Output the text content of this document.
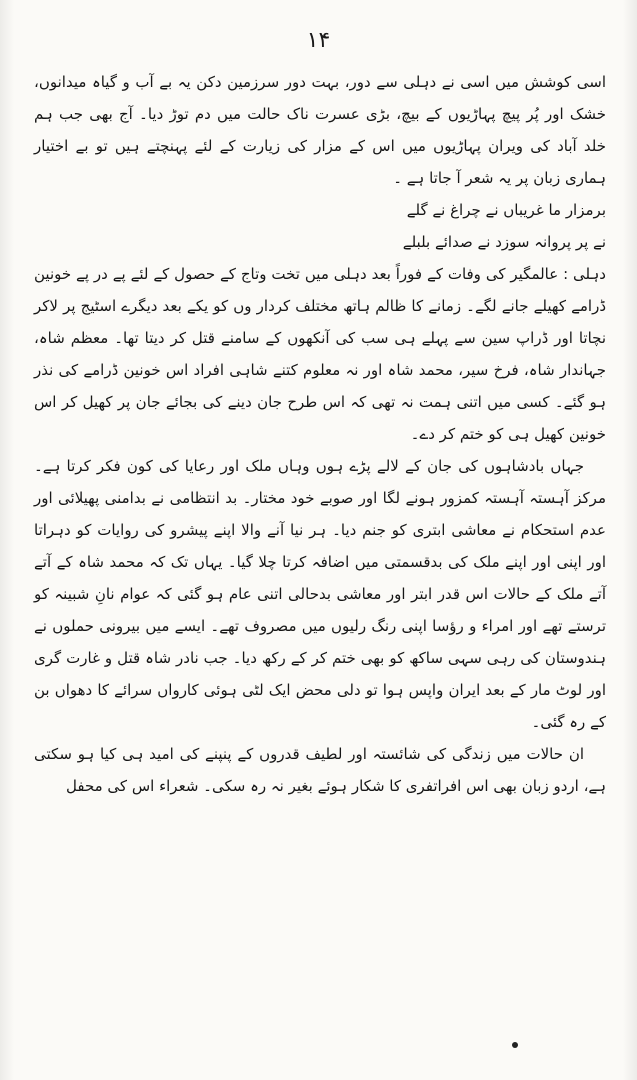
۱۴

اسی کوشش میں اسی نے دہلی سے دور، بہت دور سرزمین دکن یہ بے آب و گیاہ میدانوں، خشک اور پُر پیچ پہاڑیوں کے بیچ، بڑی عسرت ناک حالت میں دم توڑ دیا۔ آج بھی جب ہم خلد آباد کی ویران پہاڑیوں میں اس کے مزار کی زیارت کے لئے پہنچتے ہیں تو بے اختیار ہماری زبان پر یہ شعر آ جاتا ہے ۔

برمزار ما غریباں نے چراغ نے گلے
نے پر پروانہ سوزد نے صدائے بلبلے

دہلی : عالمگیر کی وفات کے فوراً بعد دہلی میں تخت وتاج کے حصول کے لئے پے در پے خونین ڈرامے کھیلے جانے لگے۔ زمانے کا ظالم ہاتھ مختلف کردار وں کو یکے بعد دیگرے اسٹیج پر لاکر نچاتا اور ڈراپ سین سے پہلے ہی سب کی آنکھوں کے سامنے قتل کر دیتا تھا۔ معظم شاہ، جہاندار شاہ، فرخ سیر، محمد شاہ اور نہ معلوم کتنے شاہی افراد اس خونین ڈرامے کی نذر ہو گئے۔ کسی میں اتنی ہمت نہ تھی کہ اس طرح جان دینے کی بجائے جان پر کھیل کر اس خونین کھیل ہی کو ختم کر دے۔

جہاں بادشاہوں کی جان کے لالے پڑے ہوں وہاں ملک اور رعایا کی کون فکر کرتا ہے۔ مرکز آہستہ آہستہ کمزور ہونے لگا اور صوبے خود مختار۔ بد انتظامی نے بدامنی پھیلائی اور عدم استحکام نے معاشی ابتری کو جنم دیا۔ ہر نیا آنے والا اپنے پیشرو کی روایات کو دہراتا اور اپنی اور اپنے ملک کی بدقسمتی میں اضافہ کرتا چلا گیا۔ یہاں تک کہ محمد شاہ کے آتے آتے ملک کے حالات اس قدر ابتر اور معاشی بدحالی اتنی عام ہو گئی کہ عوام نانِ شبینہ کو ترستے تھے اور امراء و رؤسا اپنی رنگ رلیوں میں مصروف تھے۔ ایسے میں بیرونی حملوں نے ہندوستان کی رہی سہی ساکھ کو بھی ختم کر کے رکھ دیا۔ جب نادر شاہ قتل و غارت گری اور لوٹ مار کے بعد ایران واپس ہوا تو دلی محض ایک لٹی ہوئی کارواں سرائے کا دھواں بن کے رہ گئی۔

ان حالات میں زندگی کی شائستہ اور لطیف قدروں کے پنپنے کی امید ہی کیا ہو سکتی ہے، اردو زبان بھی اس افراتفری کا شکار ہوئے بغیر نہ رہ سکی۔ شعراء اس کی محفل
